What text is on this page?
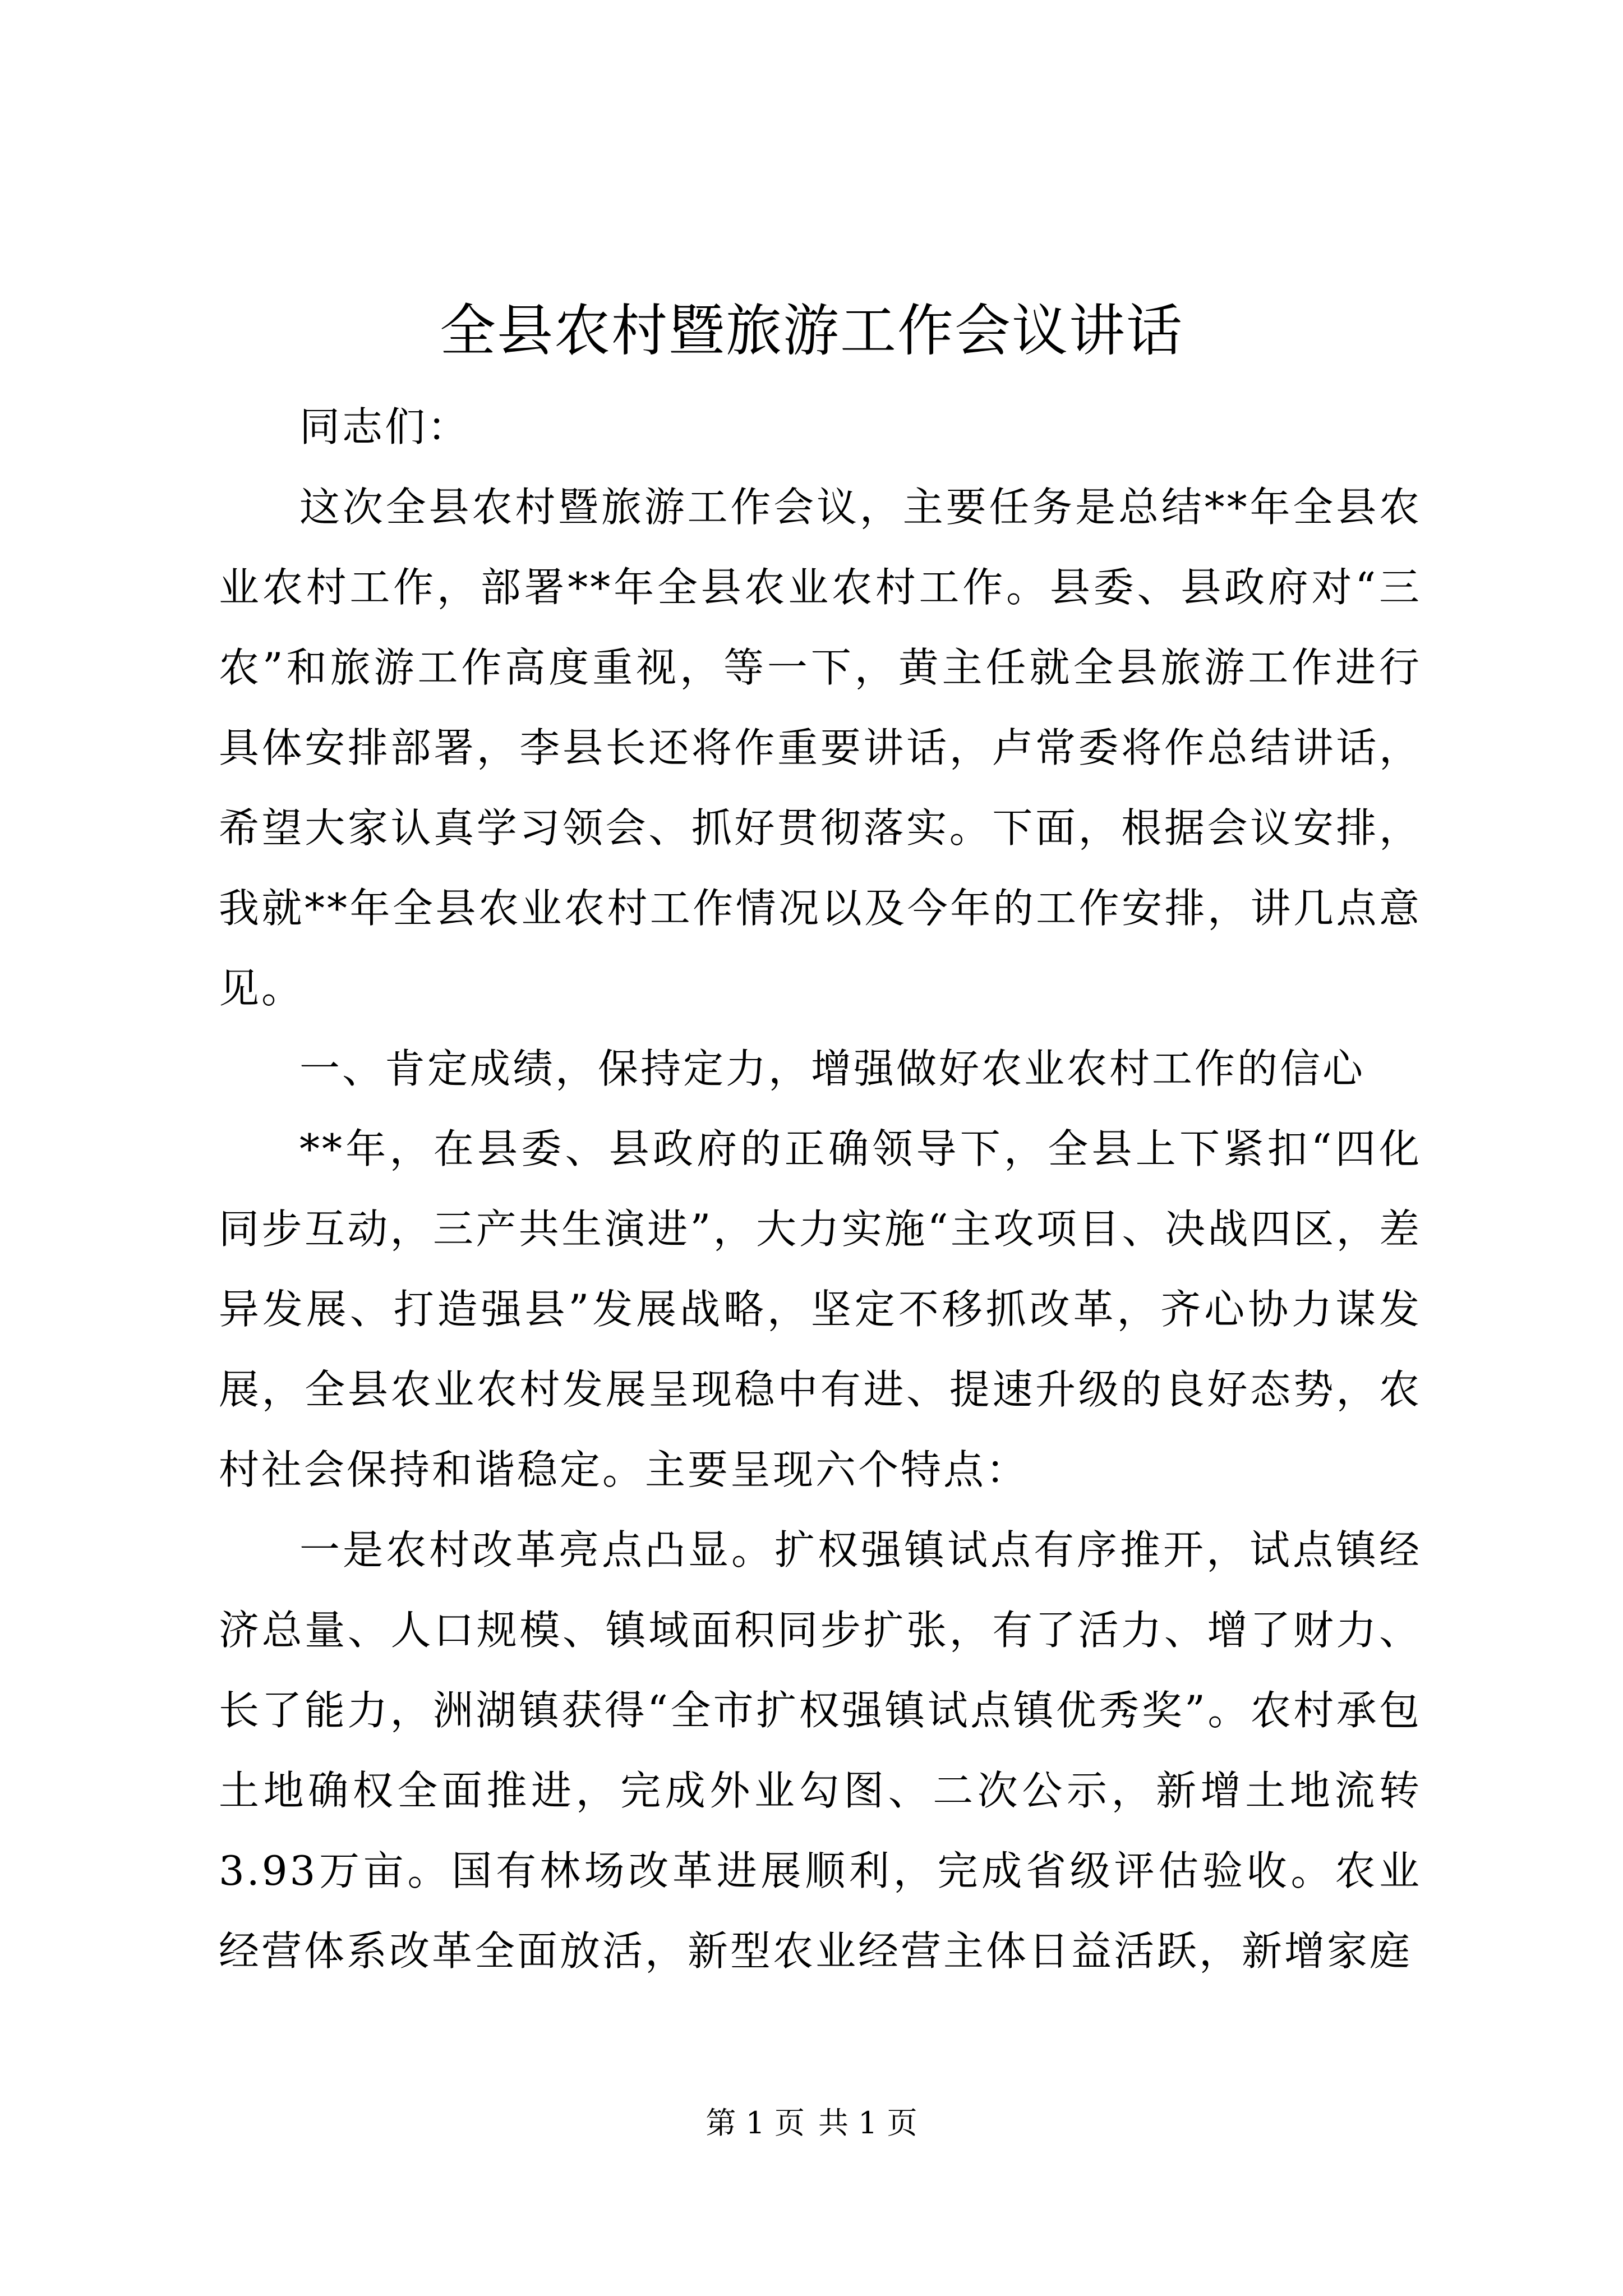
全县农村暨旅游工作会议讲话

同志们：

这次全县农村暨旅游工作会议，主要任务是总结**年全县农业农村工作，部署**年全县农业农村工作。县委、县政府对“三农”和旅游工作高度重视，等一下，黄主任就全县旅游工作进行具体安排部署，李县长还将作重要讲话，卢常委将作总结讲话，希望大家认真学习领会、抓好贯彻落实。下面，根据会议安排，我就**年全县农业农村工作情况以及今年的工作安排，讲几点意见。

一、肯定成绩，保持定力，增强做好农业农村工作的信心

**年，在县委、县政府的正确领导下，全县上下紧扣“四化同步互动，三产共生演进”，大力实施“主攻项目、决战四区，差异发展、打造强县”发展战略，坚定不移抓改革，齐心协力谋发展，全县农业农村发展呈现稳中有进、提速升级的良好态势，农村社会保持和谐稳定。主要呈现六个特点：

一是农村改革亮点凸显。扩权强镇试点有序推开，试点镇经济总量、人口规模、镇域面积同步扩张，有了活力、增了财力、长了能力，洲湖镇获得“全市扩权强镇试点镇优秀奖”。农村承包土地确权全面推进，完成外业勾图、二次公示，新增土地流转3.93万亩。国有林场改革进展顺利，完成省级评估验收。农业经营体系改革全面放活，新型农业经营主体日益活跃，新增家庭

第 1 页 共 1 页
